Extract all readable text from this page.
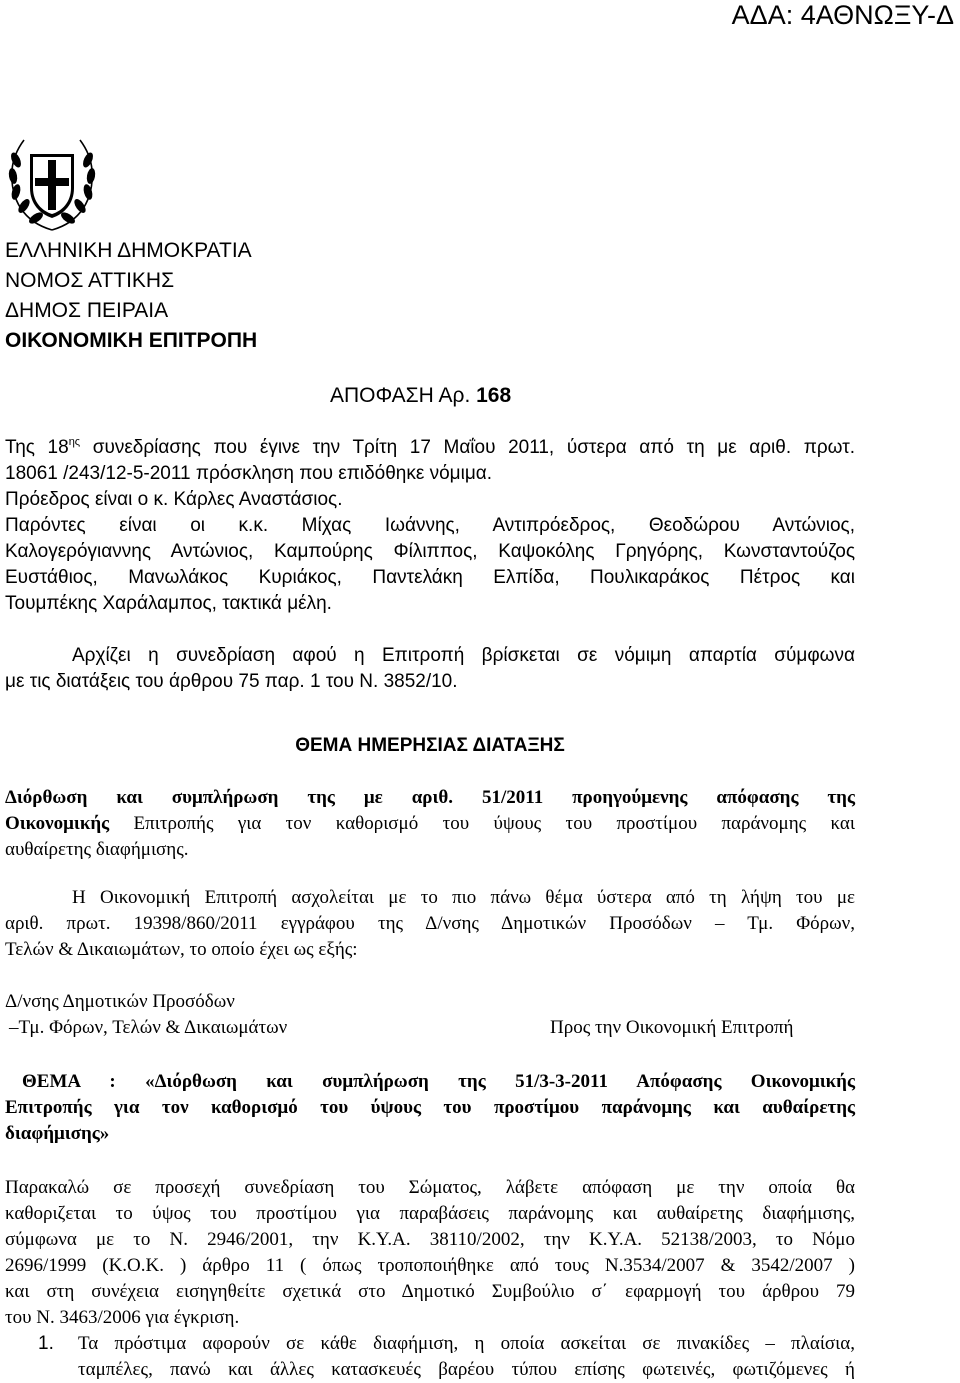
ΑΔΑ: 4ΑΘΝΩΞΥ-Δ
ΕΛΛΗΝΙΚΗ ΔΗΜΟΚΡΑΤΙΑ
ΝΟΜΟΣ ΑΤΤΙΚΗΣ
ΔΗΜΟΣ ΠΕΙΡΑΙΑ
ΟΙΚΟΝΟΜΙΚΗ ΕΠΙΤΡΟΠΗ
ΑΠΟΦΑΣΗ Αρ. 168
Της $18^{\eta\varsigma}$ συνεδρίασης που έγινε την Τρίτη 17 Μαΐου 2011, ύστερα από τη με αριθ. πρωτ.
18061 /243/12-5-2011 πρόσκληση που επιδόθηκε νόμιμα.
Πρόεδρος είναι ο κ. Κάρλες Αναστάσιος.
Παρόντες είναι οι κ.κ. Μίχας Ιωάννης, Αντιπρόεδρος, Θεοδώρου Αντώνιος,
Καλογερόγιαννης Αντώνιος, Καμπούρης Φίλιππος, Καψοκόλης Γρηγόρης, Κωνσταντούζος
Ευστάθιος, Μανωλάκος Κυριάκος, Παντελάκη Ελπίδα, Πουλικαράκος Πέτρος και
Τουμπέκης Χαράλαμπος, τακτικά μέλη.
Αρχίζει η συνεδρίαση αφού η Επιτροπή βρίσκεται σε νόμιμη απαρτία σύμφωνα
με τις διατάξεις του άρθρου 75 παρ. 1 του Ν. 3852/10.
ΘΕΜΑ ΗΜΕΡΗΣΙΑΣ ΔΙΑΤΑΞΗΣ
Διόρθωση και συμπλήρωση της με αριθ. 51/2011 προηγούμενης απόφασης της
Οικονομικής Επιτροπής για τον καθορισμό του ύψους του προστίμου παράνομης και
αυθαίρετης διαφήμισης.
Η Οικονομική Επιτροπή ασχολείται με το πιο πάνω θέμα ύστερα από τη λήψη του με
αριθ. πρωτ. 19398/860/2011 εγγράφου της Δ/νσης Δημοτικών Προσόδων – Τμ. Φόρων,
Τελών & Δικαιωμάτων, το οποίο έχει ως εξής:
Δ/νσης Δημοτικών Προσόδων
–Τμ. Φόρων, Τελών & Δικαιωμάτων	Προς την Οικονομική Επιτροπή
ΘΕΜΑ : «Διόρθωση και συμπλήρωση της 51/3-3-2011 Απόφασης Οικονομικής
Επιτροπής για τον καθορισμό του ύψους του προστίμου παράνομης και αυθαίρετης
διαφήμισης»
Παρακαλώ σε προσεχή συνεδρίαση του Σώματος, λάβετε απόφαση με την οποία θα
καθοριζεται το ύψος του προστίμου για παραβάσεις παράνομης και αυθαίρετης διαφήμισης,
σύμφωνα με το Ν. 2946/2001, την Κ.Υ.Α. 38110/2002, την Κ.Υ.Α. 52138/2003, το Νόμο
2696/1999 (Κ.Ο.Κ. ) άρθρο 11 ( όπως τροποποιήθηκε από τους Ν.3534/2007 & 3542/2007 )
και στη συνέχεια εισηγηθείτε σχετικά στο Δημοτικό Συμβούλιο σ΄ εφαρμογή του άρθρου 79
του Ν. 3463/2006 για έγκριση.
1. Τα πρόστιμα αφορούν σε κάθε διαφήμιση, η οποία ασκείται σε πινακίδες – πλαίσια,
ταμπέλες, πανώ και άλλες κατασκευές βαρέου τύπου επίσης φωτεινές, φωτιζόμενες ή
